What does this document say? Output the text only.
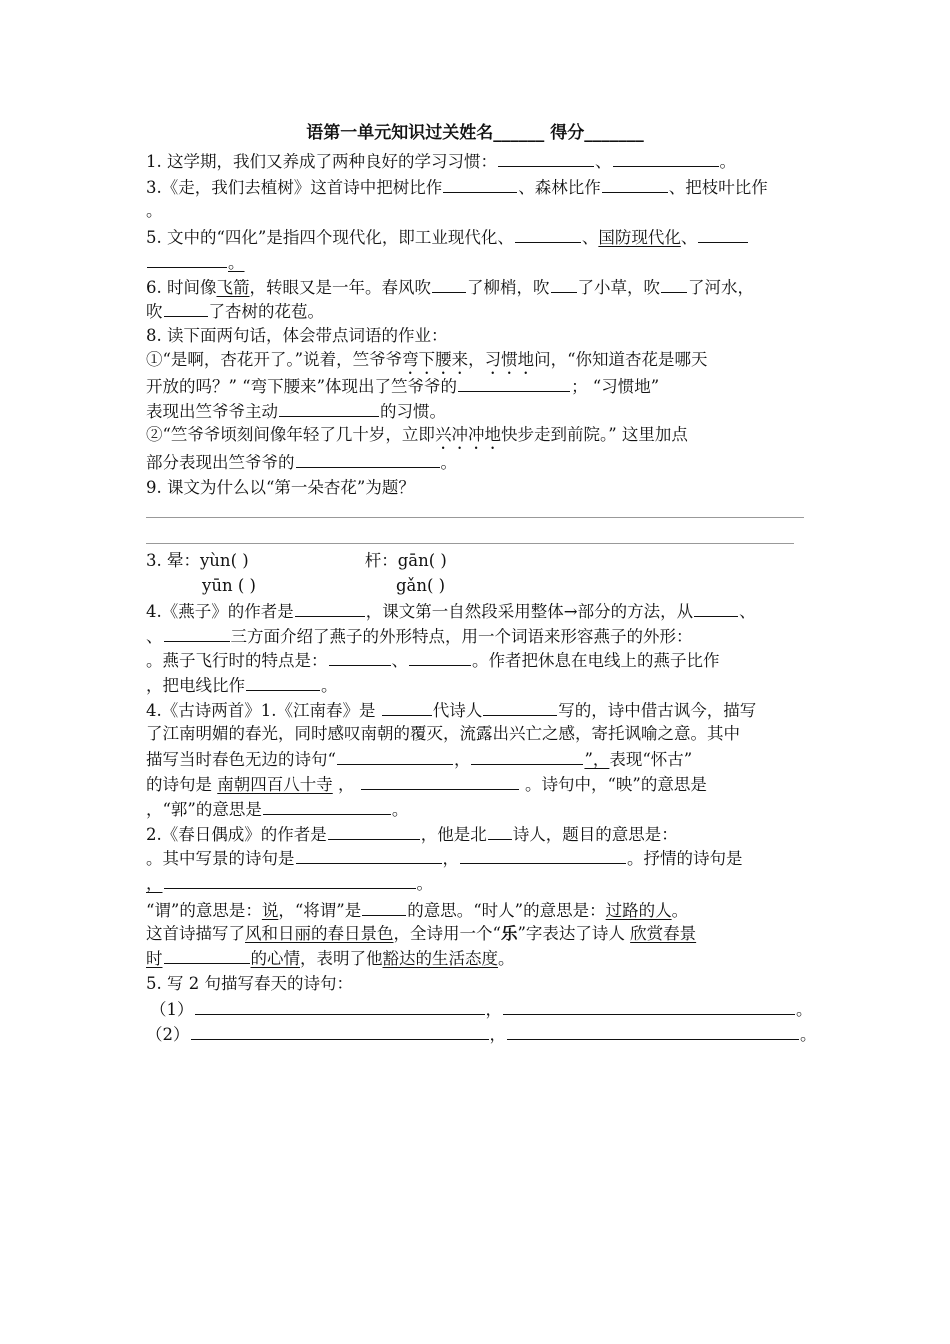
语第一单元知识过关姓名______ 得分_______
1. 这学期，我们又养成了两种良好的学习习惯：	、	。
3.《走，我们去植树》这首诗中把树比作	、森林比作	、把枝叶比作
。
5. 文中的“四化”是指四个现代化，即工业现代化、	、国防现代化、
。
6. 时间像飞箭，转眼又是一年。春风吹 了柳梢，吹 了小草，吹 了河水，
吹	了杏树的花苞。
8. 读下面两句话，体会带点词语的作业：
①“是啊，杏花开了。”说着，竺爷爷弯下腰来，习惯地问，“你知道杏花是哪天
开放的吗？” “弯下腰来”体现出了竺爷爷的	； “习惯地”
表现出竺爷爷主动	的习惯。
②“竺爷爷顷刻间像年轻了几十岁，立即兴冲冲地快步走到前院。” 这里加点
部分表现出竺爷爷的	。
9. 课文为什么以“第一朵杏花”为题？
3. 晕：yùn( )	杆：gān( )
yūn ( )	gǎn( )
4.《燕子》的作者是	，课文第一自然段采用整体→部分的方法，从	、
、	三方面介绍了燕子的外形特点，用一个词语来形容燕子的外形：
。燕子飞行时的特点是：	、	。作者把休息在电线上的燕子比作
，把电线比作	。
4.《古诗两首》1.《江南春》是	代诗人	写的，诗中借古讽今，描写
了江南明媚的春光，同时感叹南朝的覆灭，流露出兴亡之感，寄托讽喻之意。其中
描写当时春色无边的诗句“	，	”，表现“怀古”
的诗句是 南朝四百八十寺 ，	。诗句中，“映”的意思是
，“郭”的意思是	。
2.《春日偶成》的作者是	，他是北 诗人，题目的意思是：
。其中写景的诗句是	，	。抒情的诗句是
，	。
“谓”的意思是：说，“将谓”是	的意思。“时人”的意思是：过路的人。
这首诗描写了风和日丽的春日景色，全诗用一个“乐”字表达了诗人 欣赏春景
时	的心情，表明了他豁达的生活态度。
5. 写 2 句描写春天的诗句：
（1）	，	。
（2）	，	。
